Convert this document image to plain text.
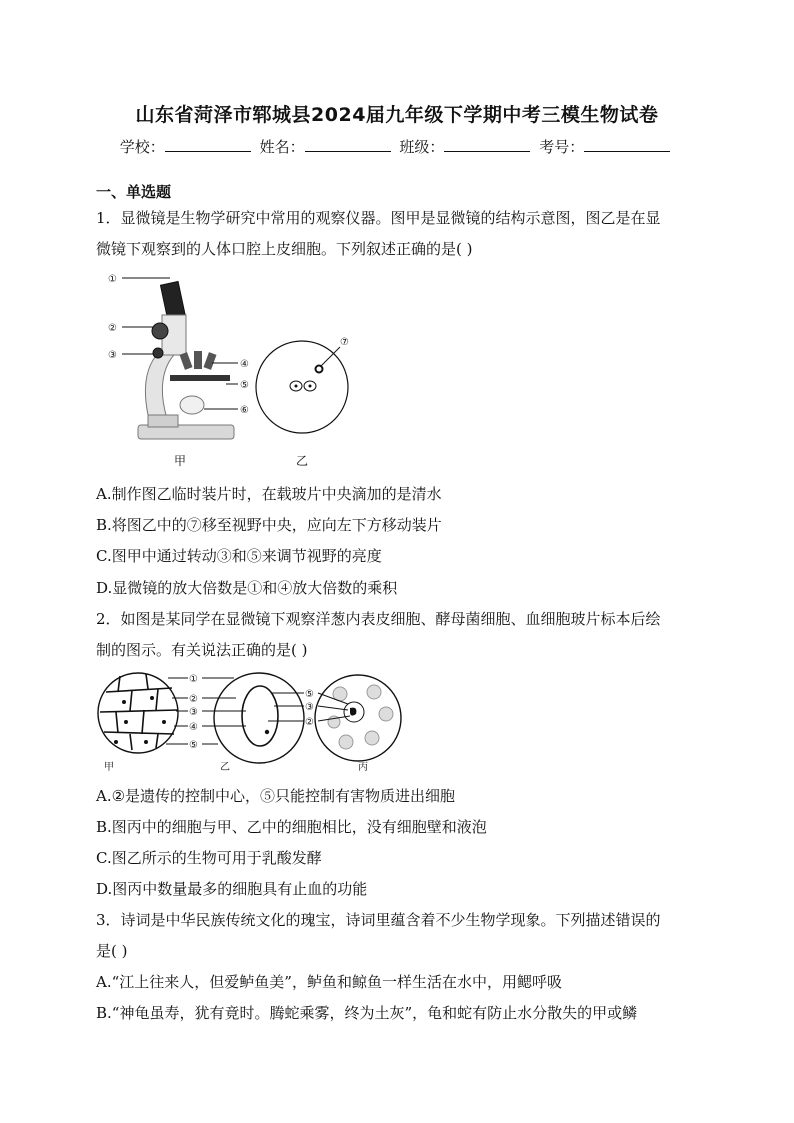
山东省菏泽市郓城县2024届九年级下学期中考三模生物试卷
学校：	姓名：	班级：	考号：
一、单选题
1．显微镜是生物学研究中常用的观察仪器。图甲是显微镜的结构示意图，图乙是在显
微镜下观察到的人体口腔上皮细胞。下列叙述正确的是( )
①
②
③
④
⑤
⑥
⑦
甲	乙
A.制作图乙临时装片时，在载玻片中央滴加的是清水
B.将图乙中的⑦移至视野中央，应向左下方移动装片
C.图甲中通过转动③和⑤来调节视野的亮度
D.显微镜的放大倍数是①和④放大倍数的乘积
2．如图是某同学在显微镜下观察洋葱内表皮细胞、酵母菌细胞、血细胞玻片标本后绘
制的图示。有关说法正确的是( )
①
②
③
④
⑤
⑤
③
②
甲	乙	丙
A.②是遗传的控制中心，⑤只能控制有害物质进出细胞
B.图丙中的细胞与甲、乙中的细胞相比，没有细胞壁和液泡
C.图乙所示的生物可用于乳酸发酵
D.图丙中数量最多的细胞具有止血的功能
3．诗词是中华民族传统文化的瑰宝，诗词里蕴含着不少生物学现象。下列描述错误的
是( )
A.“江上往来人，但爱鲈鱼美”，鲈鱼和鲸鱼一样生活在水中，用鳃呼吸
B.“神龟虽寿，犹有竟时。腾蛇乘雾，终为土灰”，龟和蛇有防止水分散失的甲或鳞
